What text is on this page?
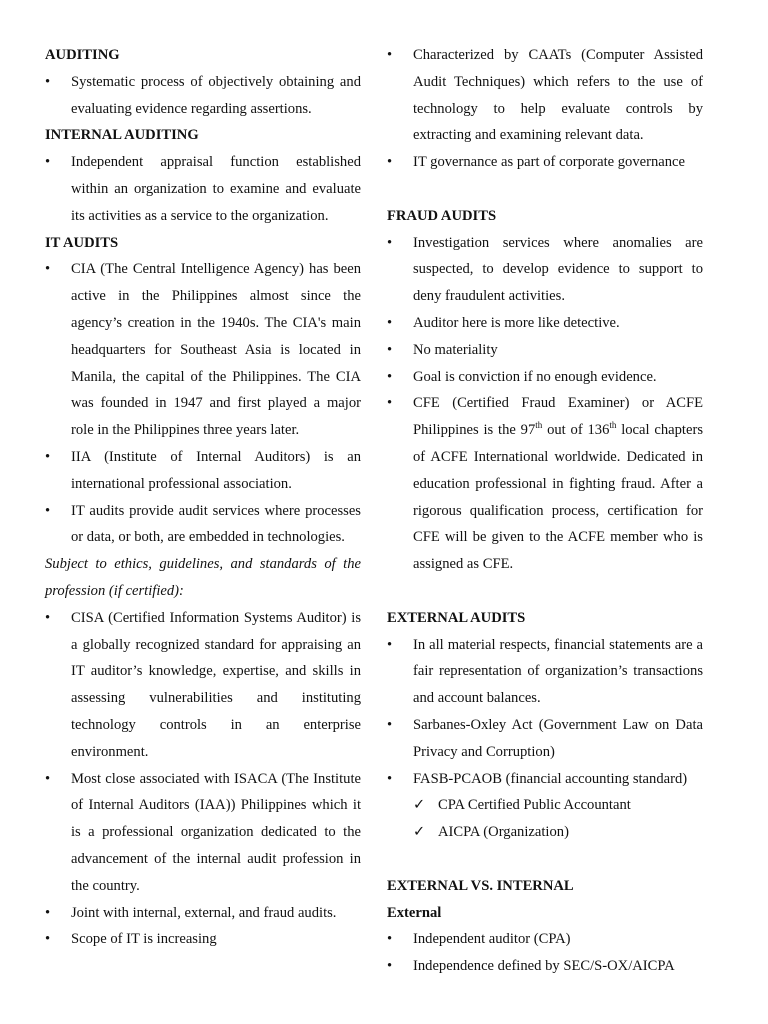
AUDITING

• Systematic process of objectively obtaining and evaluating evidence regarding assertions.

INTERNAL AUDITING

• Independent appraisal function established within an organization to examine and evaluate its activities as a service to the organization.

IT AUDITS

• CIA (The Central Intelligence Agency) has been active in the Philippines almost since the agency’s creation in the 1940s. The CIA's main headquarters for Southeast Asia is located in Manila, the capital of the Philippines. The CIA was founded in 1947 and first played a major role in the Philippines three years later.
• IIA (Institute of Internal Auditors) is an international professional association.
• IT audits provide audit services where processes or data, or both, are embedded in technologies.
Subject to ethics, guidelines, and standards of the profession (if certified):
• CISA (Certified Information Systems Auditor) is a globally recognized standard for appraising an IT auditor’s knowledge, expertise, and skills in assessing vulnerabilities and instituting technology controls in an enterprise environment.
• Most close associated with ISACA (The Institute of Internal Auditors (IAA)) Philippines which it is a professional organization dedicated to the advancement of the internal audit profession in the country.
• Joint with internal, external, and fraud audits.
• Scope of IT is increasing
• Characterized by CAATs (Computer Assisted Audit Techniques) which refers to the use of technology to help evaluate controls by extracting and examining relevant data.
• IT governance as part of corporate governance

FRAUD AUDITS

• Investigation services where anomalies are suspected, to develop evidence to support to deny fraudulent activities.
• Auditor here is more like detective.
• No materiality
• Goal is conviction if no enough evidence.
• CFE (Certified Fraud Examiner) or ACFE Philippines is the 97th out of 136th local chapters of ACFE International worldwide. Dedicated in education professional in fighting fraud. After a rigorous qualification process, certification for CFE will be given to the ACFE member who is assigned as CFE.

EXTERNAL AUDITS

• In all material respects, financial statements are a fair representation of organization’s transactions and account balances.
• Sarbanes-Oxley Act (Government Law on Data Privacy and Corruption)
• FASB-PCAOB (financial accounting standard)
✓ CPA Certified Public Accountant
✓ AICPA (Organization)

EXTERNAL VS. INTERNAL

External

• Independent auditor (CPA)
• Independence defined by SEC/S-OX/AICPA
